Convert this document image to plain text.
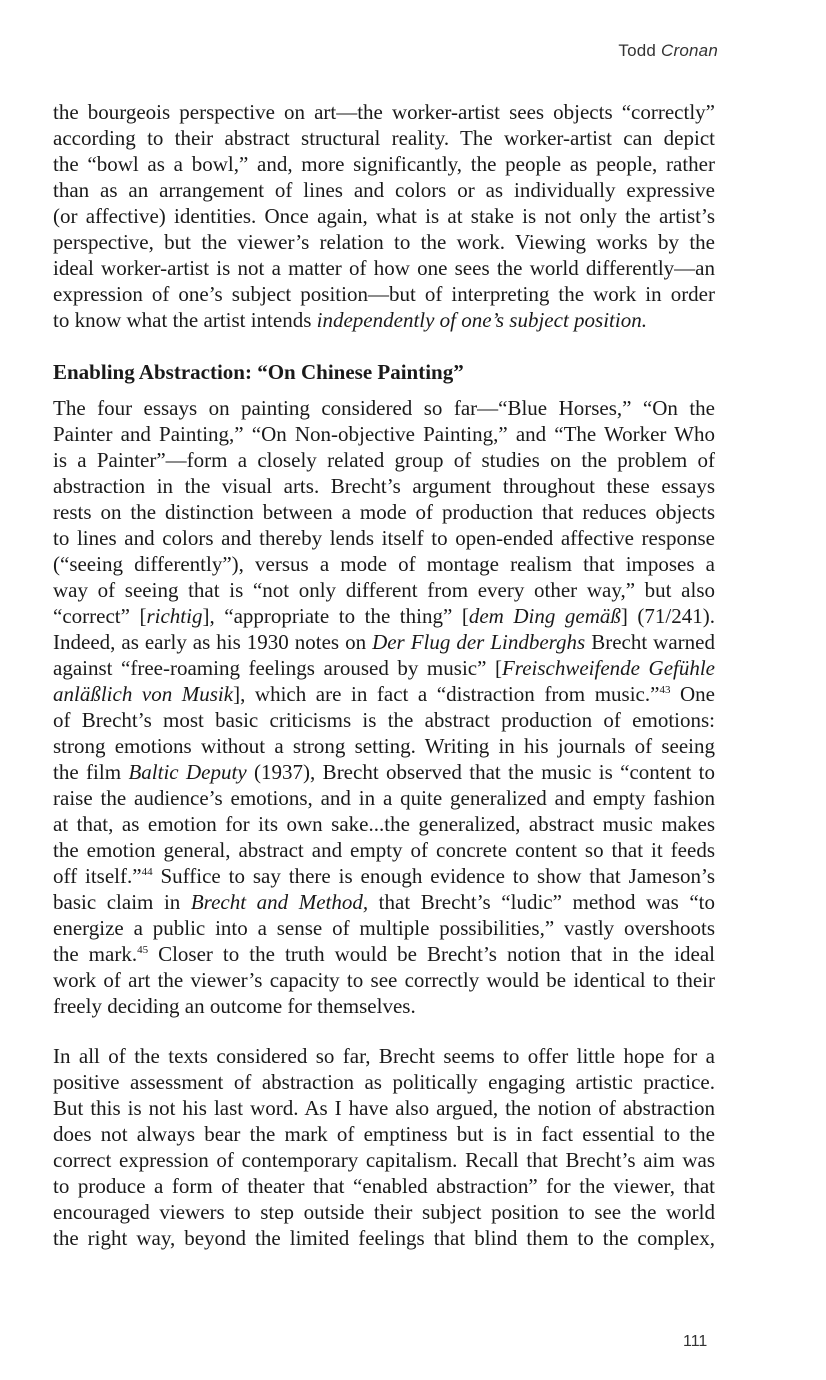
Todd Cronan
the bourgeois perspective on art—the worker-artist sees objects “correctly”
according to their abstract structural reality. The worker-artist can depict
the “bowl as a bowl,” and, more significantly, the people as people, rather
than as an arrangement of lines and colors or as individually expressive
(or affective) identities. Once again, what is at stake is not only the artist’s
perspective, but the viewer’s relation to the work. Viewing works by the
ideal worker-artist is not a matter of how one sees the world differently—an
expression of one’s subject position—but of interpreting the work in order
to know what the artist intends independently of one’s subject position.
Enabling Abstraction: “On Chinese Painting”
The four essays on painting considered so far—“Blue Horses,” “On the
Painter and Painting,” “On Non-objective Painting,” and “The Worker Who
is a Painter”—form a closely related group of studies on the problem of
abstraction in the visual arts. Brecht’s argument throughout these essays
rests on the distinction between a mode of production that reduces objects
to lines and colors and thereby lends itself to open-ended affective response
(“seeing differently”), versus a mode of montage realism that imposes a
way of seeing that is “not only different from every other way,” but also
“correct” [richtig], “appropriate to the thing” [dem Ding gemäß] (71/241).
Indeed, as early as his 1930 notes on Der Flug der Lindberghs Brecht warned
against “free-roaming feelings aroused by music” [Freischweifende Gefühle
anläßlich von Musik], which are in fact a “distraction from music.”$^{43}$ One
of Brecht’s most basic criticisms is the abstract production of emotions:
strong emotions without a strong setting. Writing in his journals of seeing
the film Baltic Deputy (1937), Brecht observed that the music is “content to
raise the audience’s emotions, and in a quite generalized and empty fashion
at that, as emotion for its own sake...the generalized, abstract music makes
the emotion general, abstract and empty of concrete content so that it feeds
off itself.”$^{44}$ Suffice to say there is enough evidence to show that Jameson’s
basic claim in Brecht and Method, that Brecht’s “ludic” method was “to
energize a public into a sense of multiple possibilities,” vastly overshoots
the mark.$^{45}$ Closer to the truth would be Brecht’s notion that in the ideal
work of art the viewer’s capacity to see correctly would be identical to their
freely deciding an outcome for themselves.
In all of the texts considered so far, Brecht seems to offer little hope for a
positive assessment of abstraction as politically engaging artistic practice.
But this is not his last word. As I have also argued, the notion of abstraction
does not always bear the mark of emptiness but is in fact essential to the
correct expression of contemporary capitalism. Recall that Brecht’s aim was
to produce a form of theater that “enabled abstraction” for the viewer, that
encouraged viewers to step outside their subject position to see the world
the right way, beyond the limited feelings that blind them to the complex,
111
